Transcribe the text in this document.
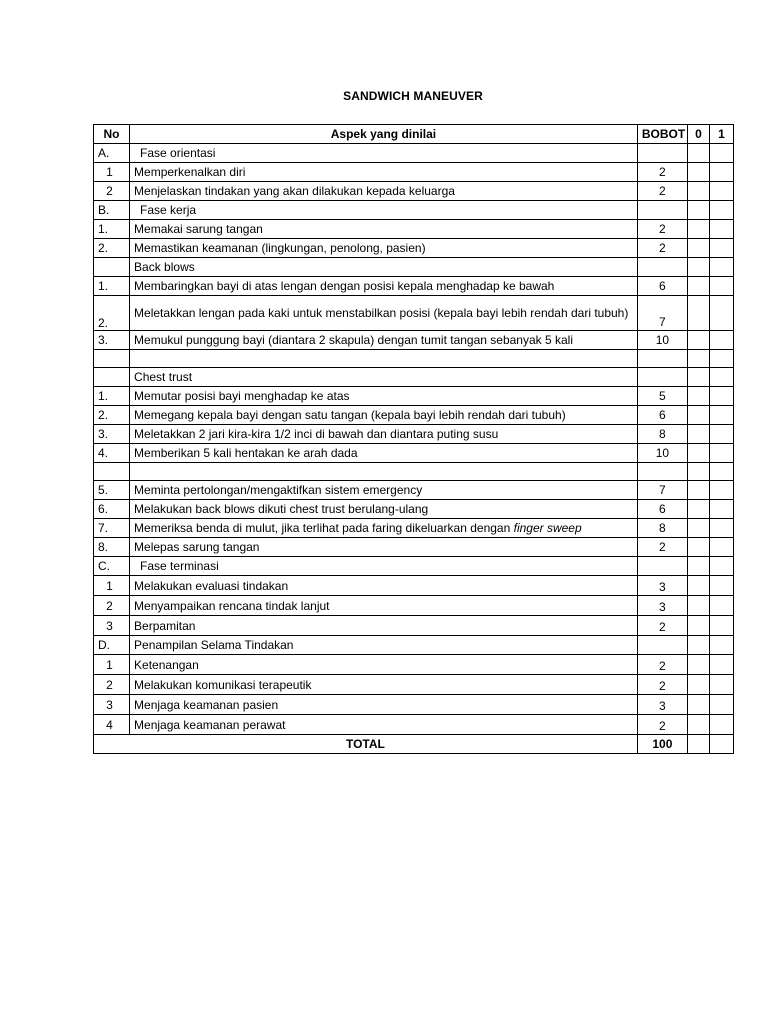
SANDWICH MANEUVER
No	Aspek yang dinilai	BOBOT	0	1
A.	Fase orientasi			
1	Memperkenalkan diri	2		
2	Menjelaskan tindakan yang akan dilakukan kepada keluarga	2		
B.	Fase kerja			
1.	Memakai sarung tangan	2		
2.	Memastikan keamanan (lingkungan, penolong, pasien)	2		
	Back blows			
1.	Membaringkan bayi di atas lengan dengan posisi kepala menghadap ke bawah	6		
2.	Meletakkan lengan pada kaki untuk menstabilkan posisi (kepala bayi lebih rendah dari tubuh)	7		
3.	Memukul punggung bayi (diantara 2 skapula) dengan tumit tangan sebanyak 5 kali	10		

	Chest trust			
1.	Memutar posisi bayi menghadap ke atas	5		
2.	Memegang kepala bayi dengan satu tangan (kepala bayi lebih rendah dari tubuh)	6		
3.	Meletakkan 2 jari kira-kira 1/2 inci di bawah dan diantara puting susu	8		
4.	Memberikan 5 kali hentakan ke arah dada	10		

5.	Meminta pertolongan/mengaktifkan sistem emergency	7		
6.	Melakukan back blows dikuti chest trust berulang-ulang	6		
7.	Memeriksa benda di mulut, jika terlihat pada faring dikeluarkan dengan finger sweep	8		
8.	Melepas sarung tangan	2		
C.	Fase terminasi			
1	Melakukan evaluasi tindakan	3		
2	Menyampaikan rencana tindak lanjut	3		
3	Berpamitan	2		
D.	Penampilan Selama Tindakan			
1	Ketenangan	2		
2	Melakukan komunikasi terapeutik	2		
3	Menjaga keamanan pasien	3		
4	Menjaga keamanan perawat	2		
TOTAL		100		
